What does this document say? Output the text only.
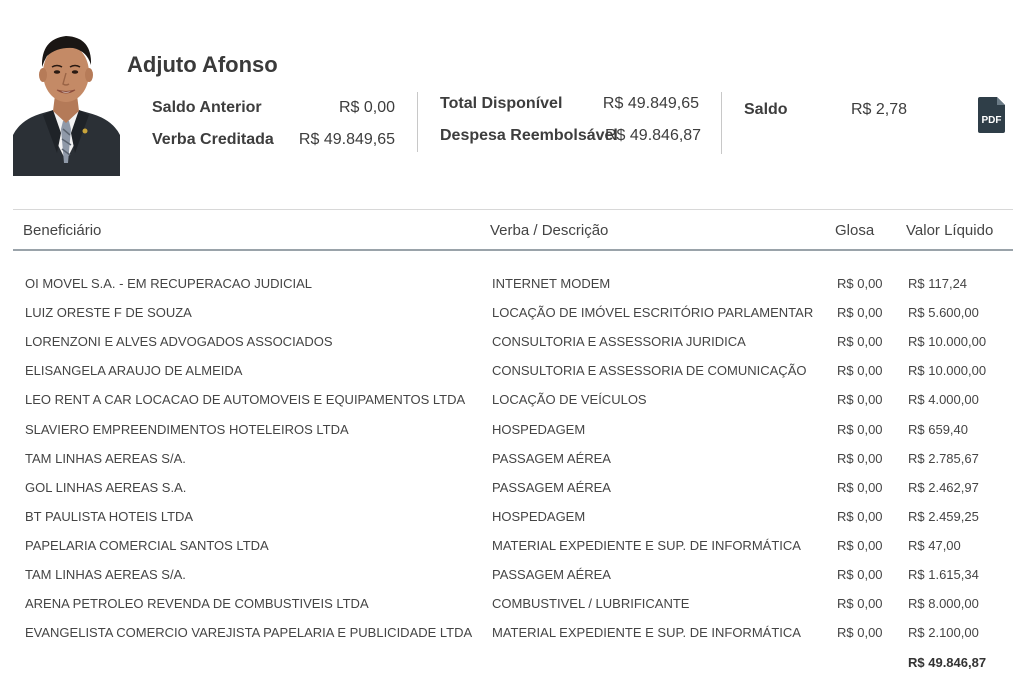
Adjuto Afonso
Saldo Anterior	R$ 0,00
Verba Creditada	R$ 49.849,65
Total Disponível	R$ 49.849,65
Despesa Reembolsável
R$ 49.846,87
Saldo	R$ 2,78
PDF
Beneficiário	Verba / Descrição	Glosa Valor Líquido
OI MOVEL S.A. - EM RECUPERACAO JUDICIAL	INTERNET MODEM	R$ 0,00 R$ 117,24
LUIZ ORESTE F DE SOUZA	LOCAÇÃO DE IMÓVEL ESCRITÓRIO PARLAMENTAR	R$ 0,00 R$ 5.600,00
LORENZONI E ALVES ADVOGADOS ASSOCIADOS	CONSULTORIA E ASSESSORIA JURIDICA	R$ 0,00 R$ 10.000,00
ELISANGELA ARAUJO DE ALMEIDA	CONSULTORIA E ASSESSORIA DE COMUNICAÇÃO	R$ 0,00 R$ 10.000,00
LEO RENT A CAR LOCACAO DE AUTOMOVEIS E EQUIPAMENTOS LTDA	LOCAÇÃO DE VEÍCULOS	R$ 0,00 R$ 4.000,00
SLAVIERO EMPREENDIMENTOS HOTELEIROS LTDA	HOSPEDAGEM	R$ 0,00 R$ 659,40
TAM LINHAS AEREAS S/A.	PASSAGEM AÉREA	R$ 0,00 R$ 2.785,67
GOL LINHAS AEREAS S.A.	PASSAGEM AÉREA	R$ 0,00 R$ 2.462,97
BT PAULISTA HOTEIS LTDA	HOSPEDAGEM	R$ 0,00 R$ 2.459,25
PAPELARIA COMERCIAL SANTOS LTDA	MATERIAL EXPEDIENTE E SUP. DE INFORMÁTICA	R$ 0,00 R$ 47,00
TAM LINHAS AEREAS S/A.	PASSAGEM AÉREA	R$ 0,00 R$ 1.615,34
ARENA PETROLEO REVENDA DE COMBUSTIVEIS LTDA	COMBUSTIVEL / LUBRIFICANTE	R$ 0,00 R$ 8.000,00
EVANGELISTA COMERCIO VAREJISTA PAPELARIA E PUBLICIDADE LTDA	MATERIAL EXPEDIENTE E SUP. DE INFORMÁTICA	R$ 0,00 R$ 2.100,00
R$ 49.846,87
